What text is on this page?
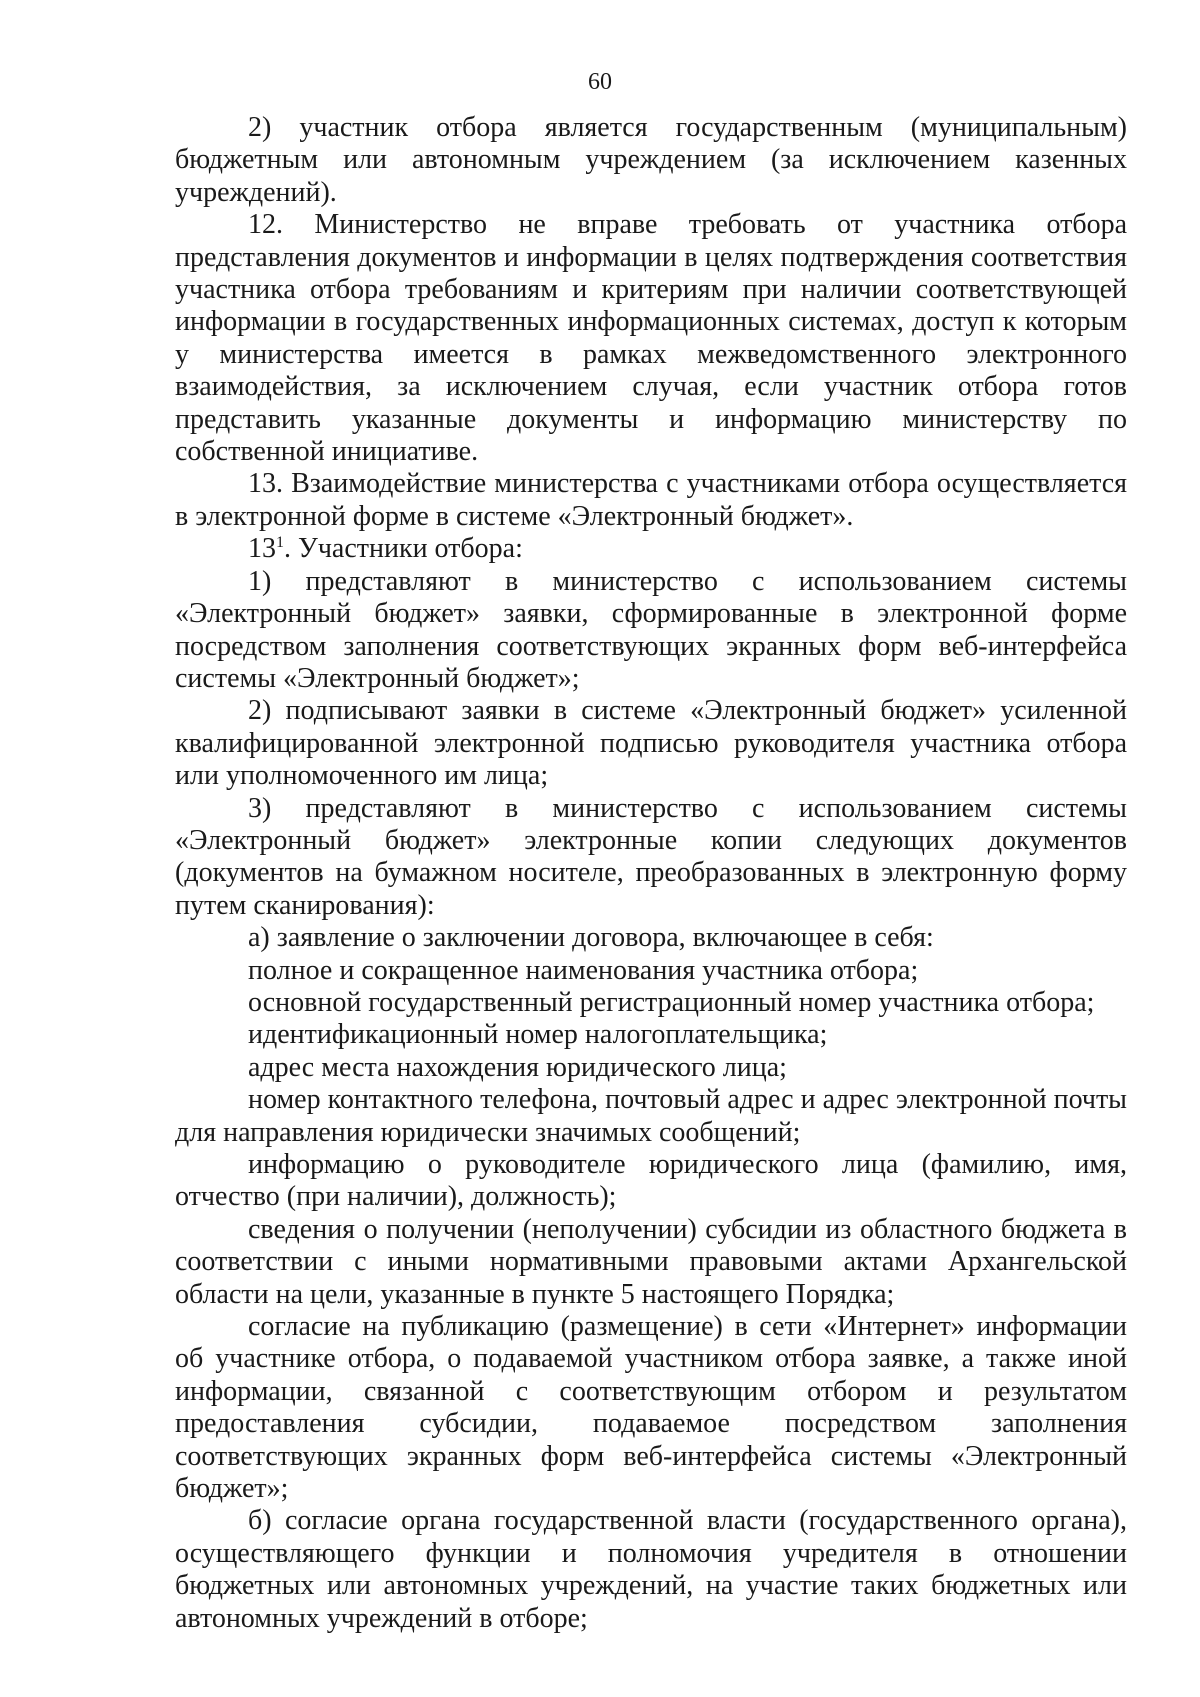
60

2) участник отбора является государственным (муниципальным) бюджетным или автономным учреждением (за исключением казенных учреждений).

12. Министерство не вправе требовать от участника отбора представления документов и информации в целях подтверждения соответствия участника отбора требованиям и критериям при наличии соответствующей информации в государственных информационных системах, доступ к которым у министерства имеется в рамках межведомственного электронного взаимодействия, за исключением случая, если участник отбора готов представить указанные документы и информацию министерству по собственной инициативе.

13. Взаимодействие министерства с участниками отбора осуществляется в электронной форме в системе «Электронный бюджет».

$13^1$. Участники отбора:

1) представляют в министерство с использованием системы «Электронный бюджет» заявки, сформированные в электронной форме посредством заполнения соответствующих экранных форм веб-интерфейса системы «Электронный бюджет»;

2) подписывают заявки в системе «Электронный бюджет» усиленной квалифицированной электронной подписью руководителя участника отбора или уполномоченного им лица;

3) представляют в министерство с использованием системы «Электронный бюджет» электронные копии следующих документов (документов на бумажном носителе, преобразованных в электронную форму путем сканирования):

а) заявление о заключении договора, включающее в себя:

полное и сокращенное наименования участника отбора;

основной государственный регистрационный номер участника отбора;

идентификационный номер налогоплательщика;

адрес места нахождения юридического лица;

номер контактного телефона, почтовый адрес и адрес электронной почты для направления юридически значимых сообщений;

информацию о руководителе юридического лица (фамилию, имя, отчество (при наличии), должность);

сведения о получении (неполучении) субсидии из областного бюджета в соответствии с иными нормативными правовыми актами Архангельской области на цели, указанные в пункте 5 настоящего Порядка;

согласие на публикацию (размещение) в сети «Интернет» информации об участнике отбора, о подаваемой участником отбора заявке, а также иной информации, связанной с соответствующим отбором и результатом предоставления субсидии, подаваемое посредством заполнения соответствующих экранных форм веб-интерфейса системы «Электронный бюджет»;

б) согласие органа государственной власти (государственного органа), осуществляющего функции и полномочия учредителя в отношении бюджетных или автономных учреждений, на участие таких бюджетных или автономных учреждений в отборе;
